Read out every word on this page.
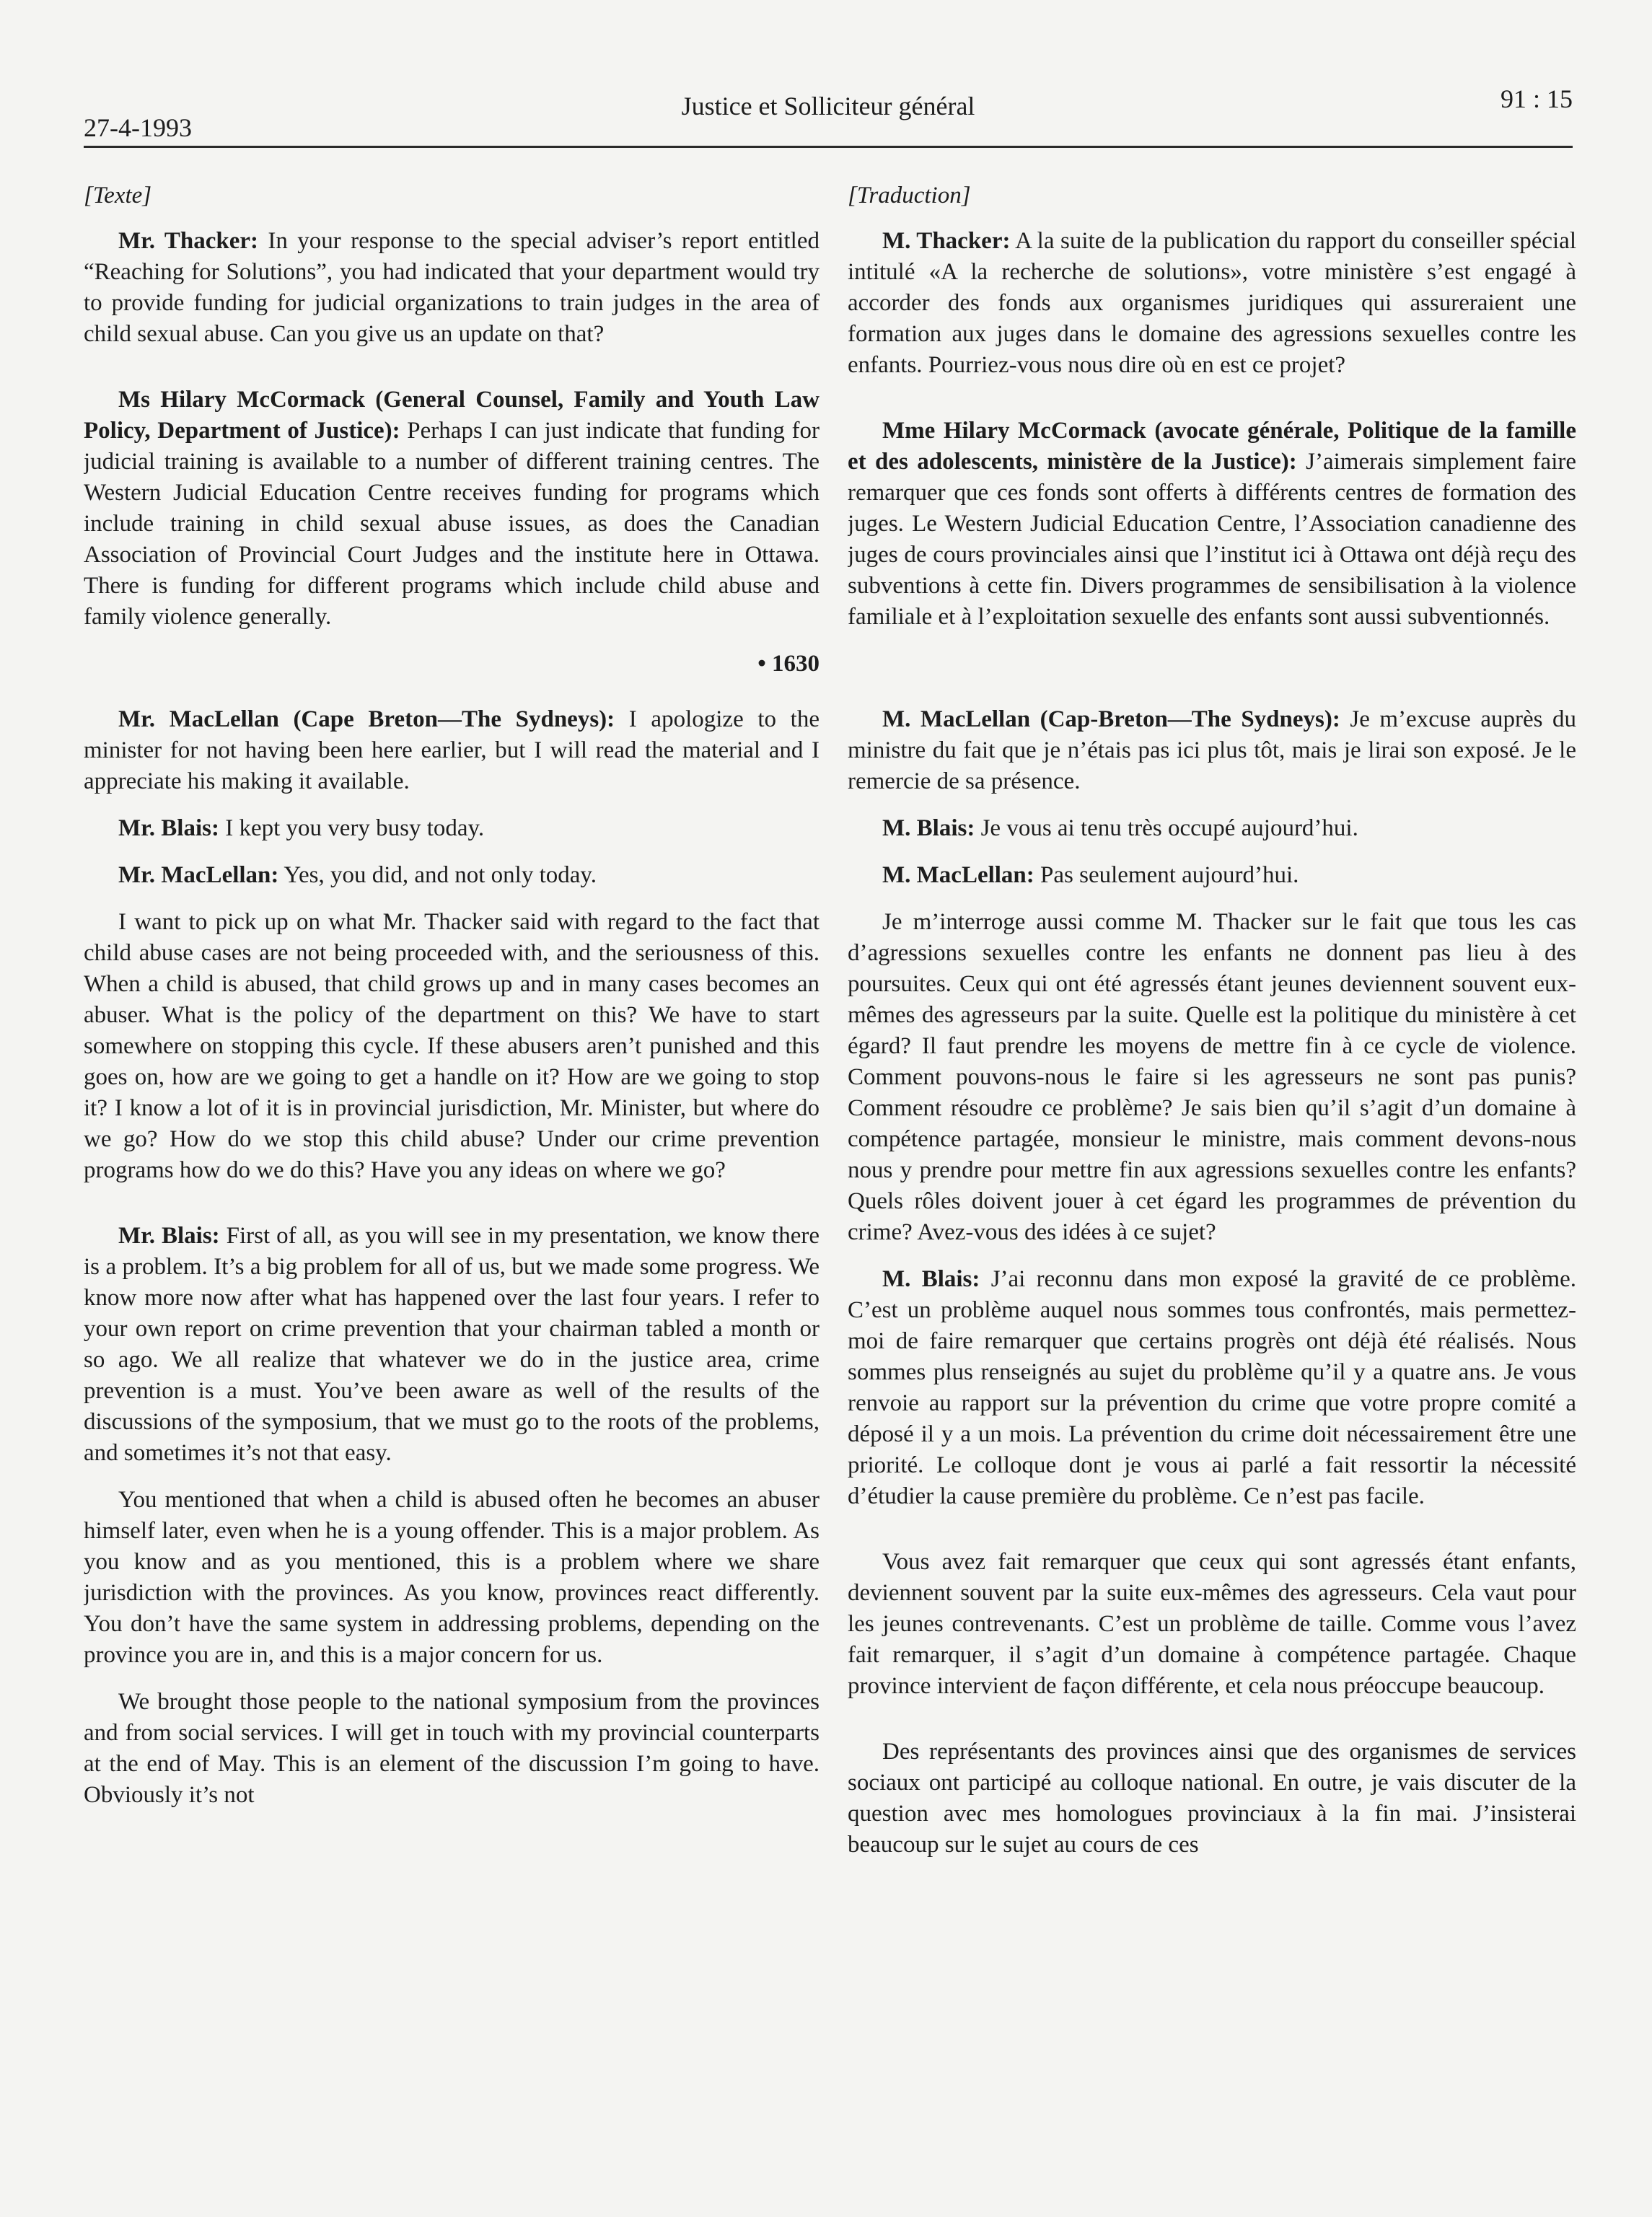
27-4-1993
Justice et Solliciteur général	91 : 15
[Texte]

Mr. Thacker: In your response to the special adviser’s report entitled “Reaching for Solutions”, you had indicated that your department would try to provide funding for judicial organizations to train judges in the area of child sexual abuse. Can you give us an update on that?

Ms Hilary McCormack (General Counsel, Family and Youth Law Policy, Department of Justice): Perhaps I can just indicate that funding for judicial training is available to a number of different training centres. The Western Judicial Education Centre receives funding for programs which include training in child sexual abuse issues, as does the Canadian Association of Provincial Court Judges and the institute here in Ottawa. There is funding for different programs which include child abuse and family violence generally.

• 1630

Mr. MacLellan (Cape Breton—The Sydneys): I apologize to the minister for not having been here earlier, but I will read the material and I appreciate his making it available.

Mr. Blais: I kept you very busy today.

Mr. MacLellan: Yes, you did, and not only today.

I want to pick up on what Mr. Thacker said with regard to the fact that child abuse cases are not being proceeded with, and the seriousness of this. When a child is abused, that child grows up and in many cases becomes an abuser. What is the policy of the department on this? We have to start somewhere on stopping this cycle. If these abusers aren’t punished and this goes on, how are we going to get a handle on it? How are we going to stop it? I know a lot of it is in provincial jurisdiction, Mr. Minister, but where do we go? How do we stop this child abuse? Under our crime prevention programs how do we do this? Have you any ideas on where we go?

Mr. Blais: First of all, as you will see in my presentation, we know there is a problem. It’s a big problem for all of us, but we made some progress. We know more now after what has happened over the last four years. I refer to your own report on crime prevention that your chairman tabled a month or so ago. We all realize that whatever we do in the justice area, crime prevention is a must. You’ve been aware as well of the results of the discussions of the symposium, that we must go to the roots of the problems, and sometimes it’s not that easy.

You mentioned that when a child is abused often he becomes an abuser himself later, even when he is a young offender. This is a major problem. As you know and as you mentioned, this is a problem where we share jurisdiction with the provinces. As you know, provinces react differently. You don’t have the same system in addressing problems, depending on the province you are in, and this is a major concern for us.

We brought those people to the national symposium from the provinces and from social services. I will get in touch with my provincial counterparts at the end of May. This is an element of the discussion I’m going to have. Obviously it’s not

[Traduction]

M. Thacker: A la suite de la publication du rapport du conseiller spécial intitulé «A la recherche de solutions», votre ministère s’est engagé à accorder des fonds aux organismes juridiques qui assureraient une formation aux juges dans le domaine des agressions sexuelles contre les enfants. Pourriez-vous nous dire où en est ce projet?

Mme Hilary McCormack (avocate générale, Politique de la famille et des adolescents, ministère de la Justice): J’aimerais simplement faire remarquer que ces fonds sont offerts à différents centres de formation des juges. Le Western Judicial Education Centre, l’Association canadienne des juges de cours provinciales ainsi que l’institut ici à Ottawa ont déjà reçu des subventions à cette fin. Divers programmes de sensibilisation à la violence familiale et à l’exploitation sexuelle des enfants sont aussi subventionnés.

M. MacLellan (Cap-Breton—The Sydneys): Je m’excuse auprès du ministre du fait que je n’étais pas ici plus tôt, mais je lirai son exposé. Je le remercie de sa présence.

M. Blais: Je vous ai tenu très occupé aujourd’hui.

M. MacLellan: Pas seulement aujourd’hui.

Je m’interroge aussi comme M. Thacker sur le fait que tous les cas d’agressions sexuelles contre les enfants ne donnent pas lieu à des poursuites. Ceux qui ont été agressés étant jeunes deviennent souvent eux-mêmes des agresseurs par la suite. Quelle est la politique du ministère à cet égard? Il faut prendre les moyens de mettre fin à ce cycle de violence. Comment pouvons-nous le faire si les agresseurs ne sont pas punis? Comment résoudre ce problème? Je sais bien qu’il s’agit d’un domaine à compétence partagée, monsieur le ministre, mais comment devons-nous nous y prendre pour mettre fin aux agressions sexuelles contre les enfants? Quels rôles doivent jouer à cet égard les programmes de prévention du crime? Avez-vous des idées à ce sujet?

M. Blais: J’ai reconnu dans mon exposé la gravité de ce problème. C’est un problème auquel nous sommes tous confrontés, mais permettez-moi de faire remarquer que certains progrès ont déjà été réalisés. Nous sommes plus renseignés au sujet du problème qu’il y a quatre ans. Je vous renvoie au rapport sur la prévention du crime que votre propre comité a déposé il y a un mois. La prévention du crime doit nécessairement être une priorité. Le colloque dont je vous ai parlé a fait ressortir la nécessité d’étudier la cause première du problème. Ce n’est pas facile.

Vous avez fait remarquer que ceux qui sont agressés étant enfants, deviennent souvent par la suite eux-mêmes des agresseurs. Cela vaut pour les jeunes contrevenants. C’est un problème de taille. Comme vous l’avez fait remarquer, il s’agit d’un domaine à compétence partagée. Chaque province intervient de façon différente, et cela nous préoccupe beaucoup.

Des représentants des provinces ainsi que des organismes de services sociaux ont participé au colloque national. En outre, je vais discuter de la question avec mes homologues provinciaux à la fin mai. J’insisterai beaucoup sur le sujet au cours de ces
